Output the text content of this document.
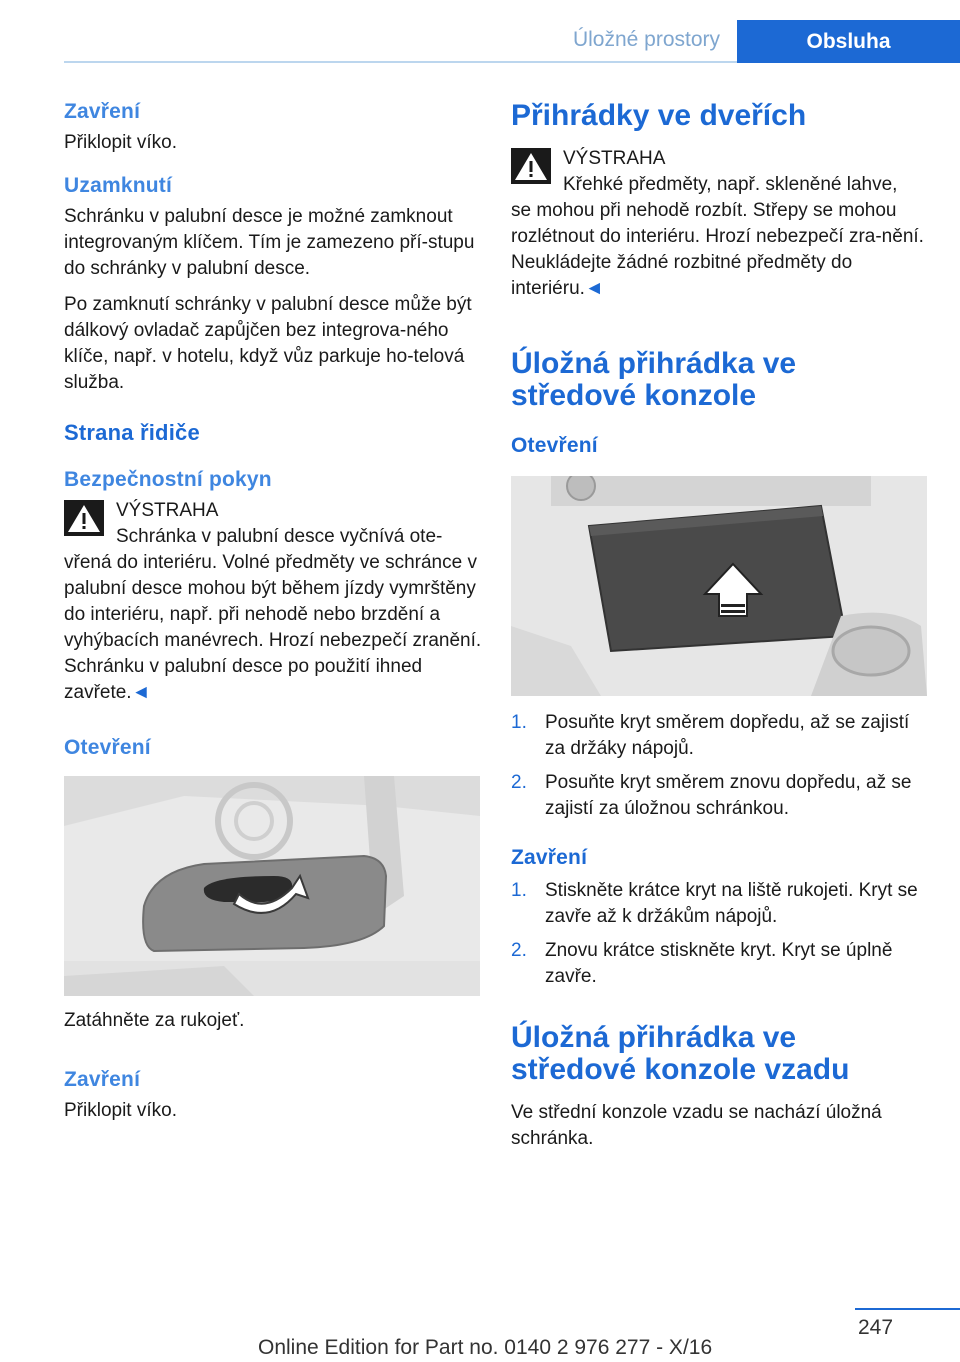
Úložné prostory	Obsluha
Zavření
Přiklopit víko.
Uzamknutí
Schránku v palubní desce je možné zamknout integrovaným klíčem. Tím je zamezeno pří-stupu do schránky v palubní desce.
Po zamknutí schránky v palubní desce může být dálkový ovladač zapůjčen bez integrova-ného klíče, např. v hotelu, když vůz parkuje ho-telová služba.
Strana řidiče
Bezpečnostní pokyn
VÝSTRAHA
Schránka v palubní desce vyčnívá ote-
vřená do interiéru. Volné předměty ve schránce v palubní desce mohou být během jízdy vymrštěny do interiéru, např. při nehodě nebo brzdění a vyhýbacích manévrech. Hrozí nebezpečí zranění. Schránku v palubní desce po použití ihned zavřete.◄
Otevření
Zatáhněte za rukojeť.
Zavření
Přiklopit víko.
Přihrádky ve dveřích
VÝSTRAHA
Křehké předměty, např. skleněné lahve,
se mohou při nehodě rozbít. Střepy se mohou rozlétnout do interiéru. Hrozí nebezpečí zra-nění. Neukládejte žádné rozbitné předměty do interiéru.◄
Úložná přihrádka ve středové konzole
Otevření
1. Posuňte kryt směrem dopředu, až se zajistí za držáky nápojů.
2. Posuňte kryt směrem znovu dopředu, až se zajistí za úložnou schránkou.
Zavření
1. Stiskněte krátce kryt na liště rukojeti. Kryt se zavře až k držákům nápojů.
2. Znovu krátce stiskněte kryt. Kryt se úplně zavře.
Úložná přihrádka ve středové konzole vzadu
Ve střední konzole vzadu se nachází úložná schránka.
247
Online Edition for Part no. 0140 2 976 277 - X/16
